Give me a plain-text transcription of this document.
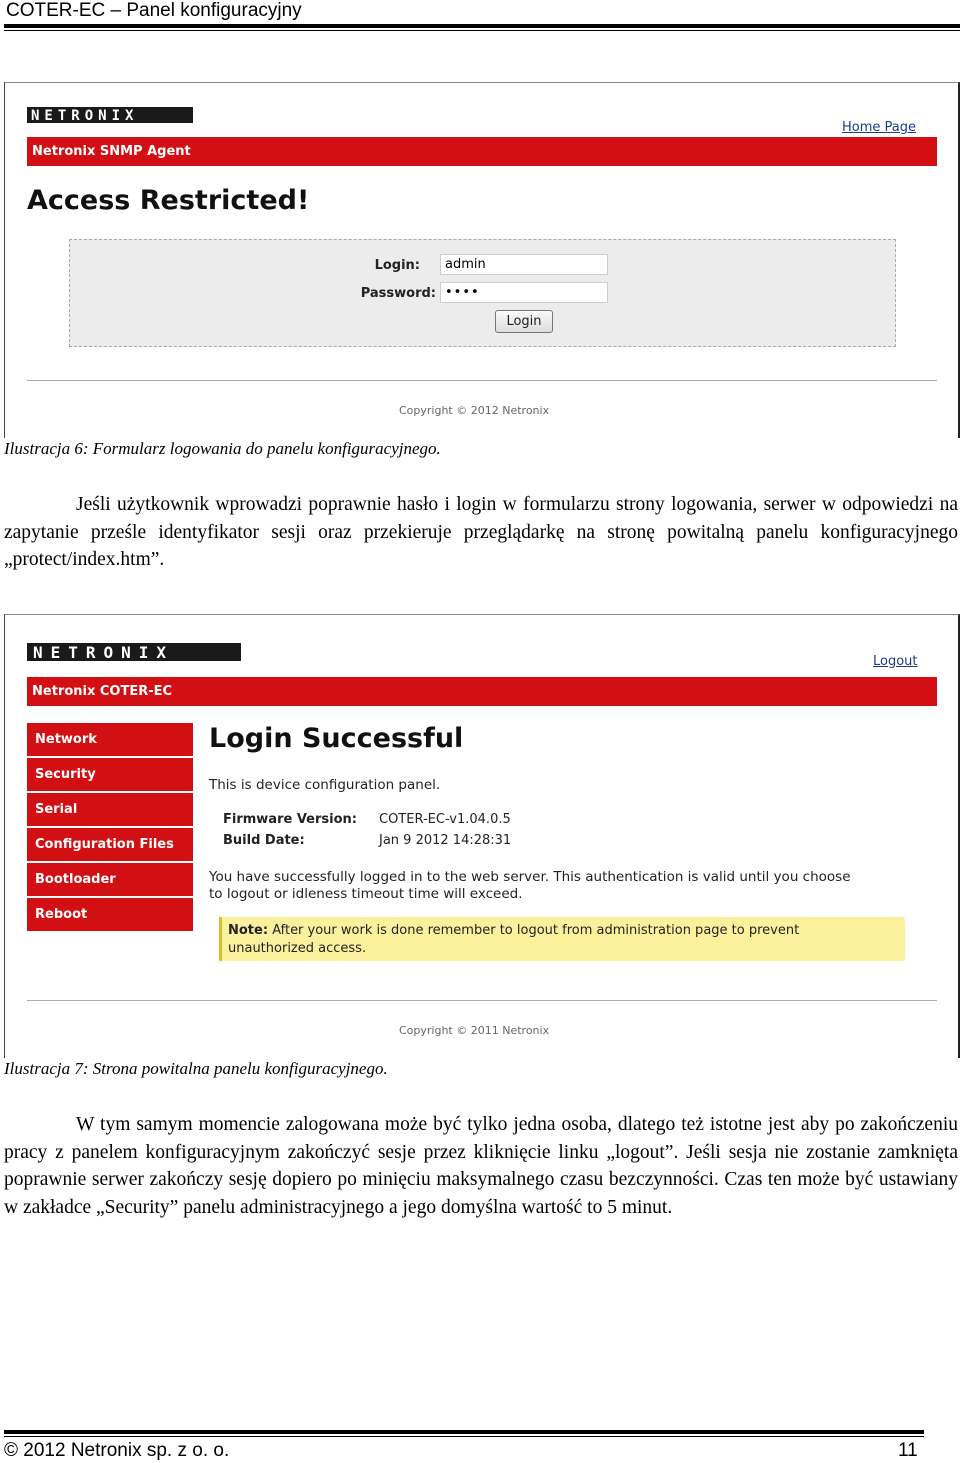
COTER-EC – Panel konfiguracyjny
NETRONIX
Home Page
Netronix SNMP Agent
Access Restricted!
Login:	admin
Password: ••••
Login
Copyright © 2012 Netronix
Ilustracja 6: Formularz logowania do panelu konfiguracyjnego.
Jeśli użytkownik wprowadzi poprawnie hasło i login w formularzu strony logowania, serwer w odpowiedzi na zapytanie prześle identyfikator sesji oraz przekieruje przeglądarkę na stronę powitalną panelu konfiguracyjnego „protect/index.htm”.
NETRONIX	Logout
Netronix COTER-EC
Network
Security
Serial
Configuration Files
Bootloader
Reboot
Login Successful
This is device configuration panel.
Firmware Version: COTER-EC-v1.04.0.5
Build Date:	Jan 9 2012 14:28:31
You have successfully logged in to the web server. This authentication is valid until you choose
to logout or idleness timeout time will exceed.
Note: After your work is done remember to logout from administration page to prevent
unauthorized access.
Copyright © 2011 Netronix
Ilustracja 7: Strona powitalna panelu konfiguracyjnego.
W tym samym momencie zalogowana może być tylko jedna osoba, dlatego też istotne jest aby po zakończeniu pracy z panelem konfiguracyjnym zakończyć sesje przez kliknięcie linku „logout”. Jeśli sesja nie zostanie zamknięta poprawnie serwer zakończy sesję dopiero po minięciu maksymalnego czasu bezczynności. Czas ten może być ustawiany w zakładce „Security” panelu administracyjnego a jego domyślna wartość to 5 minut.
© 2012 Netronix sp. z o. o.	11
